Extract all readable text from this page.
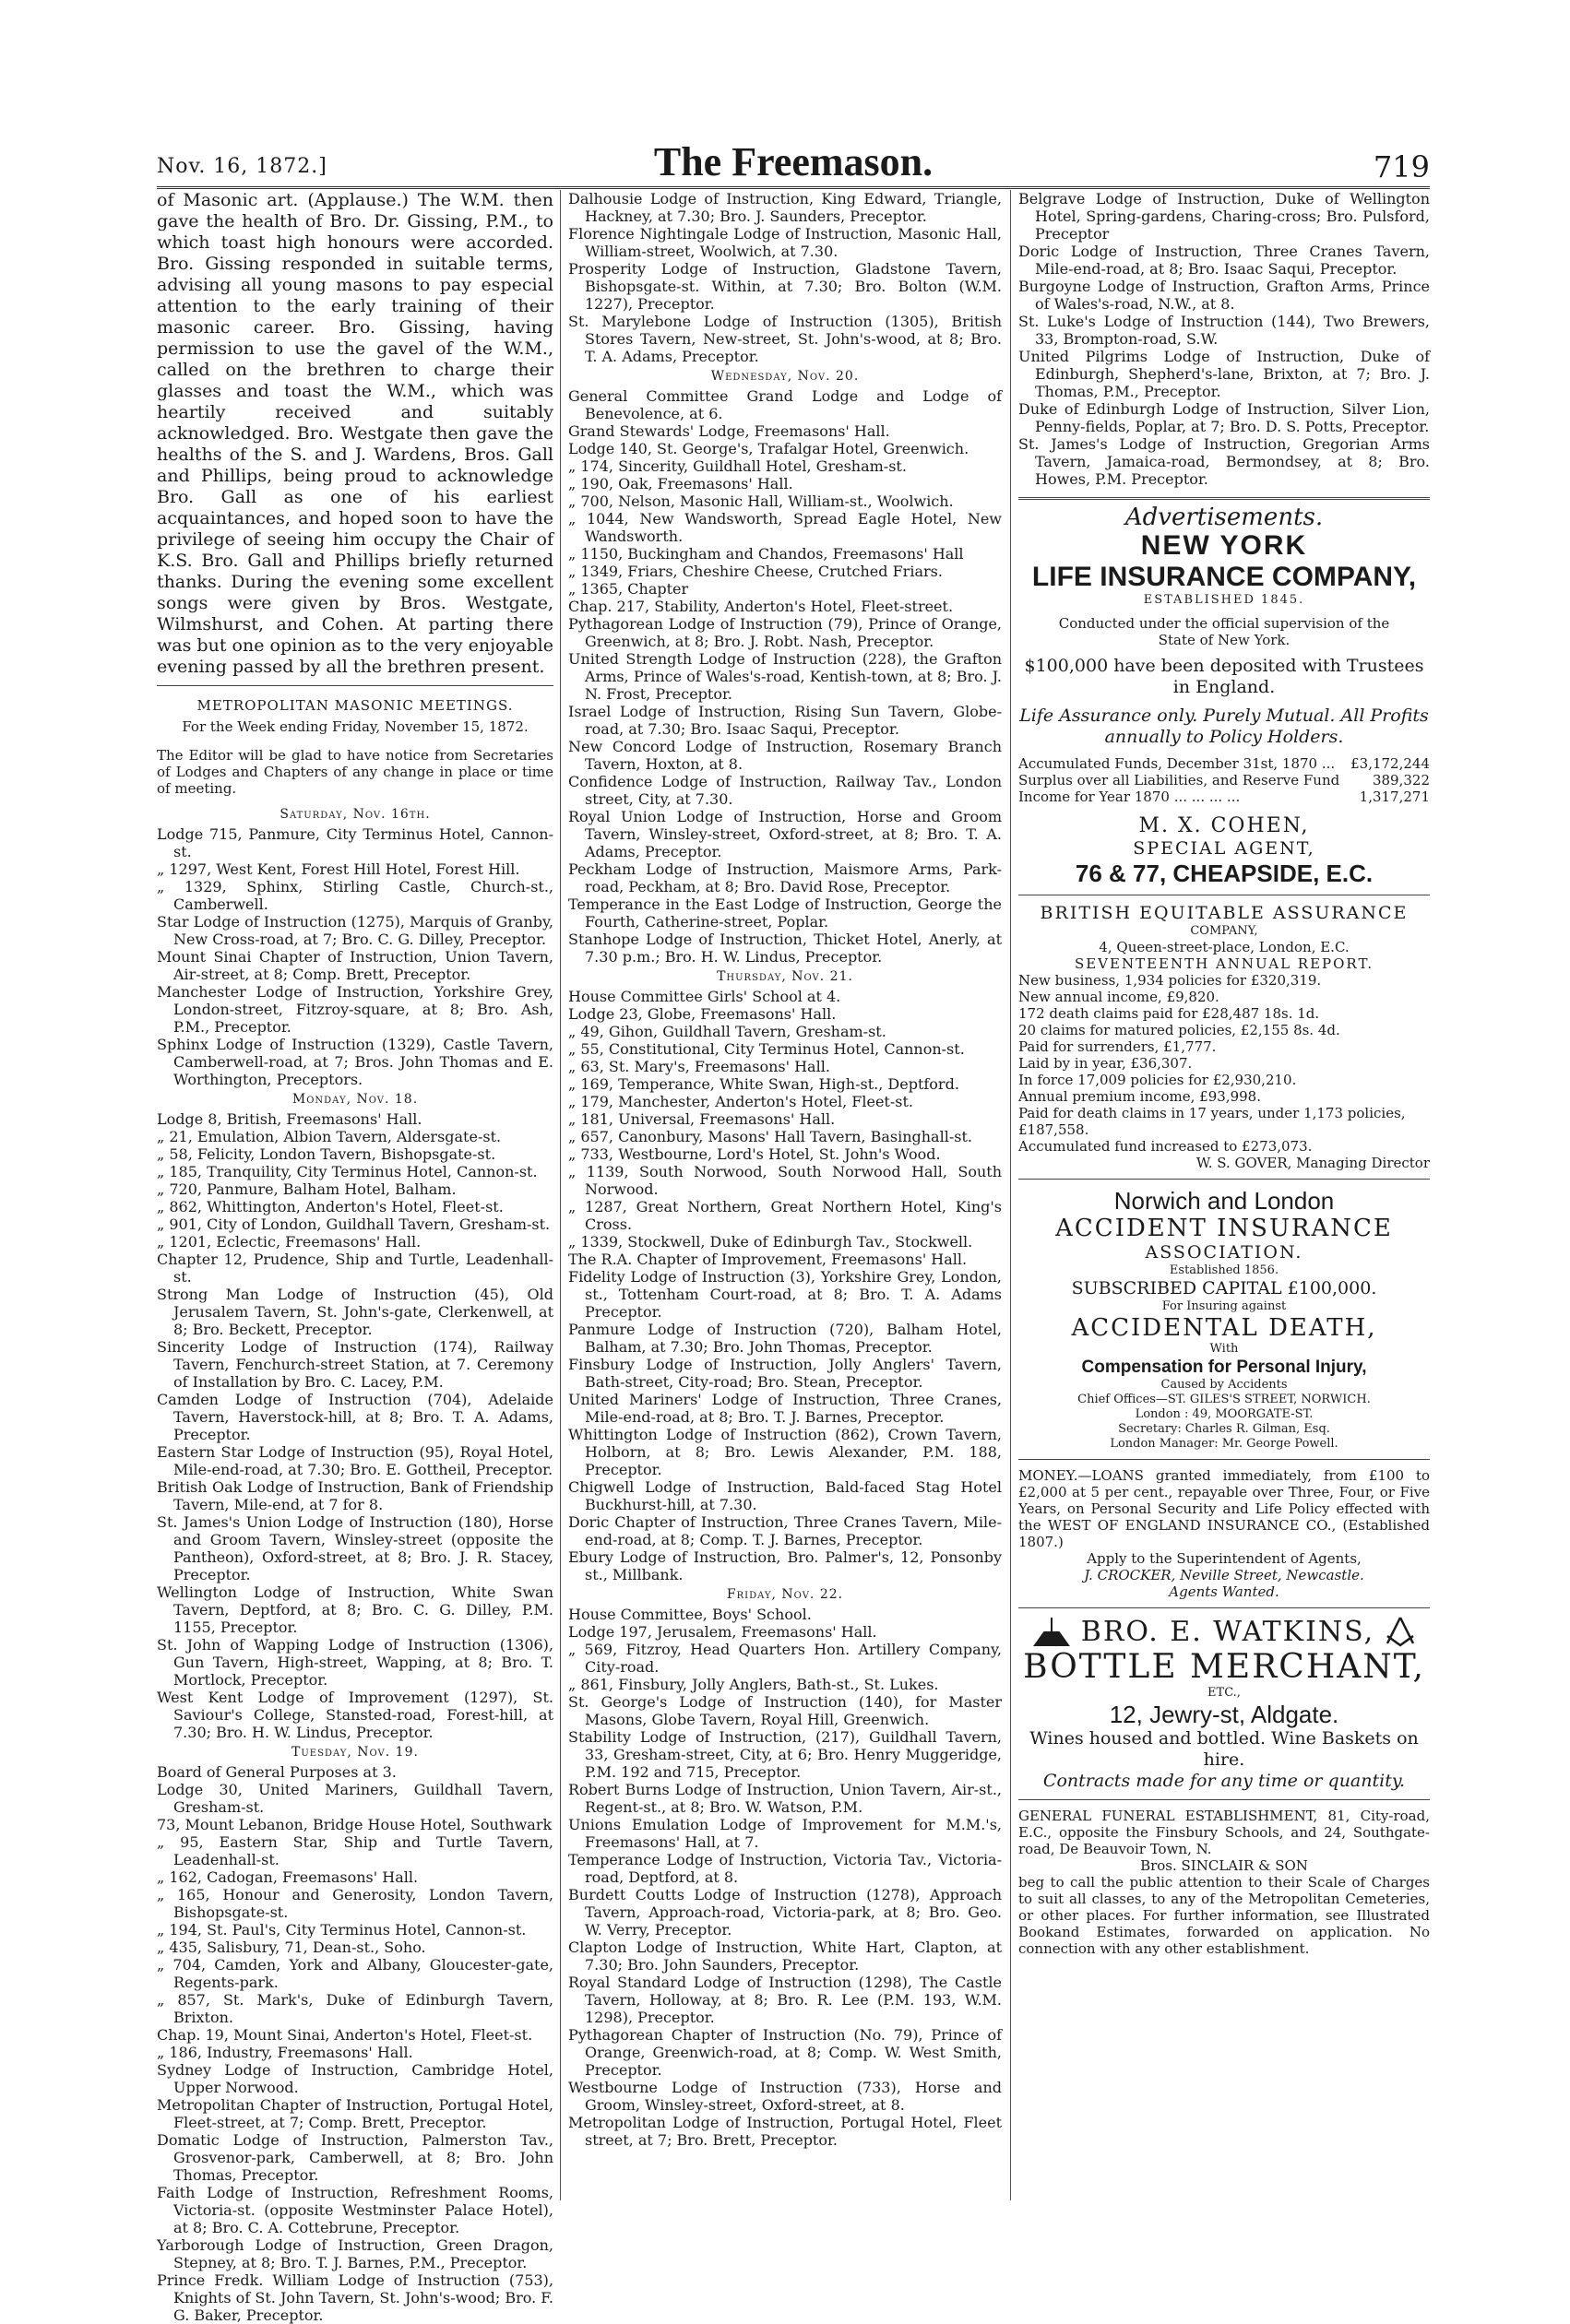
Nov. 16, 1872.]	The Freemason.	719

of Masonic art. (Applause.) The W.M. then gave the health of Bro. Dr. Gissing, P.M., to which toast high honours were accorded. Bro. Gissing responded in suitable terms, advising all young masons to pay especial attention to the early training of their masonic career. Bro. Gissing, having permission to use the gavel of the W.M., called on the brethren to charge their glasses and toast the W.M., which was heartily received and suitably acknowledged. Bro. Westgate then gave the healths of the S. and J. Wardens, Bros. Gall and Phillips, being proud to acknowledge Bro. Gall as one of his earliest acquaintances, and hoped soon to have the privilege of seeing him occupy the Chair of K.S. Bro. Gall and Phillips briefly returned thanks. During the evening some excellent songs were given by Bros. Westgate, Wilmshurst, and Cohen. At parting there was but one opinion as to the very enjoyable evening passed by all the brethren present.

METROPOLITAN MASONIC MEETINGS.
For the Week ending Friday, November 15, 1872.

The Editor will be glad to have notice from Secretaries of Lodges and Chapters of any change in place or time of meeting.

Saturday, Nov. 16th.

Lodge 715, Panmure, City Terminus Hotel, Cannon-st.

„ 1297, West Kent, Forest Hill Hotel, Forest Hill.

„ 1329, Sphinx, Stirling Castle, Church-st., Camberwell.

Star Lodge of Instruction (1275), Marquis of Granby, New Cross-road, at 7; Bro. C. G. Dilley, Preceptor.

Mount Sinai Chapter of Instruction, Union Tavern, Air-street, at 8; Comp. Brett, Preceptor.

Manchester Lodge of Instruction, Yorkshire Grey, London-street, Fitzroy-square, at 8; Bro. Ash, P.M., Preceptor.

Sphinx Lodge of Instruction (1329), Castle Tavern, Camberwell-road, at 7; Bros. John Thomas and E. Worthington, Preceptors.

Monday, Nov. 18.

Lodge 8, British, Freemasons' Hall.

„ 21, Emulation, Albion Tavern, Aldersgate-st.

„ 58, Felicity, London Tavern, Bishopsgate-st.

„ 185, Tranquility, City Terminus Hotel, Cannon-st.

„ 720, Panmure, Balham Hotel, Balham.

„ 862, Whittington, Anderton's Hotel, Fleet-st.

„ 901, City of London, Guildhall Tavern, Gresham-st.

„ 1201, Eclectic, Freemasons' Hall.

Chapter 12, Prudence, Ship and Turtle, Leadenhall-st.

Strong Man Lodge of Instruction (45), Old Jerusalem Tavern, St. John's-gate, Clerkenwell, at 8; Bro. Beckett, Preceptor.

Sincerity Lodge of Instruction (174), Railway Tavern, Fenchurch-street Station, at 7. Ceremony of Installation by Bro. C. Lacey, P.M.

Camden Lodge of Instruction (704), Adelaide Tavern, Haverstock-hill, at 8; Bro. T. A. Adams, Preceptor.

Eastern Star Lodge of Instruction (95), Royal Hotel, Mile-end-road, at 7.30; Bro. E. Gottheil, Preceptor.

British Oak Lodge of Instruction, Bank of Friendship Tavern, Mile-end, at 7 for 8.

St. James's Union Lodge of Instruction (180), Horse and Groom Tavern, Winsley-street (opposite the Pantheon), Oxford-street, at 8; Bro. J. R. Stacey, Preceptor.

Wellington Lodge of Instruction, White Swan Tavern, Deptford, at 8; Bro. C. G. Dilley, P.M. 1155, Preceptor.

St. John of Wapping Lodge of Instruction (1306), Gun Tavern, High-street, Wapping, at 8; Bro. T. Mortlock, Preceptor.

West Kent Lodge of Improvement (1297), St. Saviour's College, Stansted-road, Forest-hill, at 7.30; Bro. H. W. Lindus, Preceptor.

Tuesday, Nov. 19.

Board of General Purposes at 3.

Lodge 30, United Mariners, Guildhall Tavern, Gresham-st.

73, Mount Lebanon, Bridge House Hotel, Southwark

„ 95, Eastern Star, Ship and Turtle Tavern, Leadenhall-st.

„ 162, Cadogan, Freemasons' Hall.

„ 165, Honour and Generosity, London Tavern, Bishopsgate-st.

„ 194, St. Paul's, City Terminus Hotel, Cannon-st.

„ 435, Salisbury, 71, Dean-st., Soho.

„ 704, Camden, York and Albany, Gloucester-gate, Regents-park.

„ 857, St. Mark's, Duke of Edinburgh Tavern, Brixton.

Chap. 19, Mount Sinai, Anderton's Hotel, Fleet-st.

„ 186, Industry, Freemasons' Hall.

Sydney Lodge of Instruction, Cambridge Hotel, Upper Norwood.

Metropolitan Chapter of Instruction, Portugal Hotel, Fleet-street, at 7; Comp. Brett, Preceptor.

Domatic Lodge of Instruction, Palmerston Tav., Grosvenor-park, Camberwell, at 8; Bro. John Thomas, Preceptor.

Faith Lodge of Instruction, Refreshment Rooms, Victoria-st. (opposite Westminster Palace Hotel), at 8; Bro. C. A. Cottebrune, Preceptor.

Yarborough Lodge of Instruction, Green Dragon, Stepney, at 8; Bro. T. J. Barnes, P.M., Preceptor.

Prince Fredk. William Lodge of Instruction (753), Knights of St. John Tavern, St. John's-wood; Bro. F. G. Baker, Preceptor.

Dalhousie Lodge of Instruction, King Edward, Triangle, Hackney, at 7.30; Bro. J. Saunders, Preceptor.

Florence Nightingale Lodge of Instruction, Masonic Hall, William-street, Woolwich, at 7.30.

Prosperity Lodge of Instruction, Gladstone Tavern, Bishopsgate-st. Within, at 7.30; Bro. Bolton (W.M. 1227), Preceptor.

St. Marylebone Lodge of Instruction (1305), British Stores Tavern, New-street, St. John's-wood, at 8; Bro. T. A. Adams, Preceptor.

Wednesday, Nov. 20.

General Committee Grand Lodge and Lodge of Benevolence, at 6.

Grand Stewards' Lodge, Freemasons' Hall.

Lodge 140, St. George's, Trafalgar Hotel, Greenwich.

„ 174, Sincerity, Guildhall Hotel, Gresham-st.

„ 190, Oak, Freemasons' Hall.

„ 700, Nelson, Masonic Hall, William-st., Woolwich.

„ 1044, New Wandsworth, Spread Eagle Hotel, New Wandsworth.

„ 1150, Buckingham and Chandos, Freemasons' Hall

„ 1349, Friars, Cheshire Cheese, Crutched Friars.

„ 1365, Chapter

Chap. 217, Stability, Anderton's Hotel, Fleet-street.

Pythagorean Lodge of Instruction (79), Prince of Orange, Greenwich, at 8; Bro. J. Robt. Nash, Preceptor.

United Strength Lodge of Instruction (228), the Grafton Arms, Prince of Wales's-road, Kentish-town, at 8; Bro. J. N. Frost, Preceptor.

Israel Lodge of Instruction, Rising Sun Tavern, Globe-road, at 7.30; Bro. Isaac Saqui, Preceptor.

New Concord Lodge of Instruction, Rosemary Branch Tavern, Hoxton, at 8.

Confidence Lodge of Instruction, Railway Tav., London street, City, at 7.30.

Royal Union Lodge of Instruction, Horse and Groom Tavern, Winsley-street, Oxford-street, at 8; Bro. T. A. Adams, Preceptor.

Peckham Lodge of Instruction, Maismore Arms, Park-road, Peckham, at 8; Bro. David Rose, Preceptor.

Temperance in the East Lodge of Instruction, George the Fourth, Catherine-street, Poplar.

Stanhope Lodge of Instruction, Thicket Hotel, Anerly, at 7.30 p.m.; Bro. H. W. Lindus, Preceptor.

Thursday, Nov. 21.

House Committee Girls' School at 4.

Lodge 23, Globe, Freemasons' Hall.

„ 49, Gihon, Guildhall Tavern, Gresham-st.

„ 55, Constitutional, City Terminus Hotel, Cannon-st.

„ 63, St. Mary's, Freemasons' Hall.

„ 169, Temperance, White Swan, High-st., Deptford.

„ 179, Manchester, Anderton's Hotel, Fleet-st.

„ 181, Universal, Freemasons' Hall.

„ 657, Canonbury, Masons' Hall Tavern, Basinghall-st.

„ 733, Westbourne, Lord's Hotel, St. John's Wood.

„ 1139, South Norwood, South Norwood Hall, South Norwood.

„ 1287, Great Northern, Great Northern Hotel, King's Cross.

„ 1339, Stockwell, Duke of Edinburgh Tav., Stockwell.

The R.A. Chapter of Improvement, Freemasons' Hall.

Fidelity Lodge of Instruction (3), Yorkshire Grey, London, st., Tottenham Court-road, at 8; Bro. T. A. Adams Preceptor.

Panmure Lodge of Instruction (720), Balham Hotel, Balham, at 7.30; Bro. John Thomas, Preceptor.

Finsbury Lodge of Instruction, Jolly Anglers' Tavern, Bath-street, City-road; Bro. Stean, Preceptor.

United Mariners' Lodge of Instruction, Three Cranes, Mile-end-road, at 8; Bro. T. J. Barnes, Preceptor.

Whittington Lodge of Instruction (862), Crown Tavern, Holborn, at 8; Bro. Lewis Alexander, P.M. 188, Preceptor.

Chigwell Lodge of Instruction, Bald-faced Stag Hotel Buckhurst-hill, at 7.30.

Doric Chapter of Instruction, Three Cranes Tavern, Mile-end-road, at 8; Comp. T. J. Barnes, Preceptor.

Ebury Lodge of Instruction, Bro. Palmer's, 12, Ponsonby st., Millbank.

Friday, Nov. 22.

House Committee, Boys' School.

Lodge 197, Jerusalem, Freemasons' Hall.

„ 569, Fitzroy, Head Quarters Hon. Artillery Company, City-road.

„ 861, Finsbury, Jolly Anglers, Bath-st., St. Lukes.

St. George's Lodge of Instruction (140), for Master Masons, Globe Tavern, Royal Hill, Greenwich.

Stability Lodge of Instruction, (217), Guildhall Tavern, 33, Gresham-street, City, at 6; Bro. Henry Muggeridge, P.M. 192 and 715, Preceptor.

Robert Burns Lodge of Instruction, Union Tavern, Air-st., Regent-st., at 8; Bro. W. Watson, P.M.

Unions Emulation Lodge of Improvement for M.M.'s, Freemasons' Hall, at 7.

Temperance Lodge of Instruction, Victoria Tav., Victoria-road, Deptford, at 8.

Burdett Coutts Lodge of Instruction (1278), Approach Tavern, Approach-road, Victoria-park, at 8; Bro. Geo. W. Verry, Preceptor.

Clapton Lodge of Instruction, White Hart, Clapton, at 7.30; Bro. John Saunders, Preceptor.

Royal Standard Lodge of Instruction (1298), The Castle Tavern, Holloway, at 8; Bro. R. Lee (P.M. 193, W.M. 1298), Preceptor.

Pythagorean Chapter of Instruction (No. 79), Prince of Orange, Greenwich-road, at 8; Comp. W. West Smith, Preceptor.

Westbourne Lodge of Instruction (733), Horse and Groom, Winsley-street, Oxford-street, at 8.

Metropolitan Lodge of Instruction, Portugal Hotel, Fleet street, at 7; Bro. Brett, Preceptor.

Belgrave Lodge of Instruction, Duke of Wellington Hotel, Spring-gardens, Charing-cross; Bro. Pulsford, Preceptor

Doric Lodge of Instruction, Three Cranes Tavern, Mile-end-road, at 8; Bro. Isaac Saqui, Preceptor.

Burgoyne Lodge of Instruction, Grafton Arms, Prince of Wales's-road, N.W., at 8.

St. Luke's Lodge of Instruction (144), Two Brewers, 33, Brompton-road, S.W.

United Pilgrims Lodge of Instruction, Duke of Edinburgh, Shepherd's-lane, Brixton, at 7; Bro. J. Thomas, P.M., Preceptor.

Duke of Edinburgh Lodge of Instruction, Silver Lion, Penny-fields, Poplar, at 7; Bro. D. S. Potts, Preceptor.

St. James's Lodge of Instruction, Gregorian Arms Tavern, Jamaica-road, Bermondsey, at 8; Bro. Howes, P.M. Preceptor.

Advertisements.

NEW YORK

LIFE INSURANCE COMPANY,

ESTABLISHED 1845.

Conducted under the official supervision of the State of New York.

$100,000 have been deposited with Trustees in England.

Life Assurance only. Purely Mutual. All Profits annually to Policy Holders.

Accumulated Funds, December 31st, 1870 ... £3,172,244
Surplus over all Liabilities, and Reserve Fund 389,322
Income for Year 1870 ... ... ... ...	1,317,271

M. X. COHEN,

SPECIAL AGENT,

76 & 77, CHEAPSIDE, E.C.

BRITISH EQUITABLE ASSURANCE

COMPANY,

4, Queen-street-place, London, E.C.

SEVENTEENTH ANNUAL REPORT.

New business, 1,934 policies for £320,319.

New annual income, £9,820.

172 death claims paid for £28,487 18s. 1d.

20 claims for matured policies, £2,155 8s. 4d.

Paid for surrenders, £1,777.

Laid by in year, £36,307.

In force 17,009 policies for £2,930,210.

Annual premium income, £93,998.

Paid for death claims in 17 years, under 1,173 policies, £187,558.

Accumulated fund increased to £273,073.

W. S. GOVER, Managing Director

Norwich and London

ACCIDENT INSURANCE

ASSOCIATION.

Established 1856.

SUBSCRIBED CAPITAL £100,000.

For Insuring against

ACCIDENTAL DEATH,

With

Compensation for Personal Injury,

Caused by Accidents

Chief Offices—ST. GILES'S STREET, NORWICH.

London : 49, MOORGATE-ST.

Secretary: Charles R. Gilman, Esq.

London Manager: Mr. George Powell.

MONEY.—LOANS granted immediately, from £100 to £2,000 at 5 per cent., repayable over Three, Four, or Five Years, on Personal Security and Life Policy effected with the WEST OF ENGLAND INSURANCE CO., (Established 1807.)

Apply to the Superintendent of Agents,

J. CROCKER, Neville Street, Newcastle.

Agents Wanted.

BRO. E. WATKINS,

BOTTLE MERCHANT,

ETC.,

12, Jewry-st, Aldgate.

Wines housed and bottled. Wine Baskets on hire.

Contracts made for any time or quantity.

GENERAL FUNERAL ESTABLISHMENT, 81, City-road, E.C., opposite the Finsbury Schools, and 24, Southgate-road, De Beauvoir Town, N.

Bros. SINCLAIR & SON

beg to call the public attention to their Scale of Charges to suit all classes, to any of the Metropolitan Cemeteries, or other places. For further information, see Illustrated Bookand Estimates, forwarded on application. No connection with any other establishment.
